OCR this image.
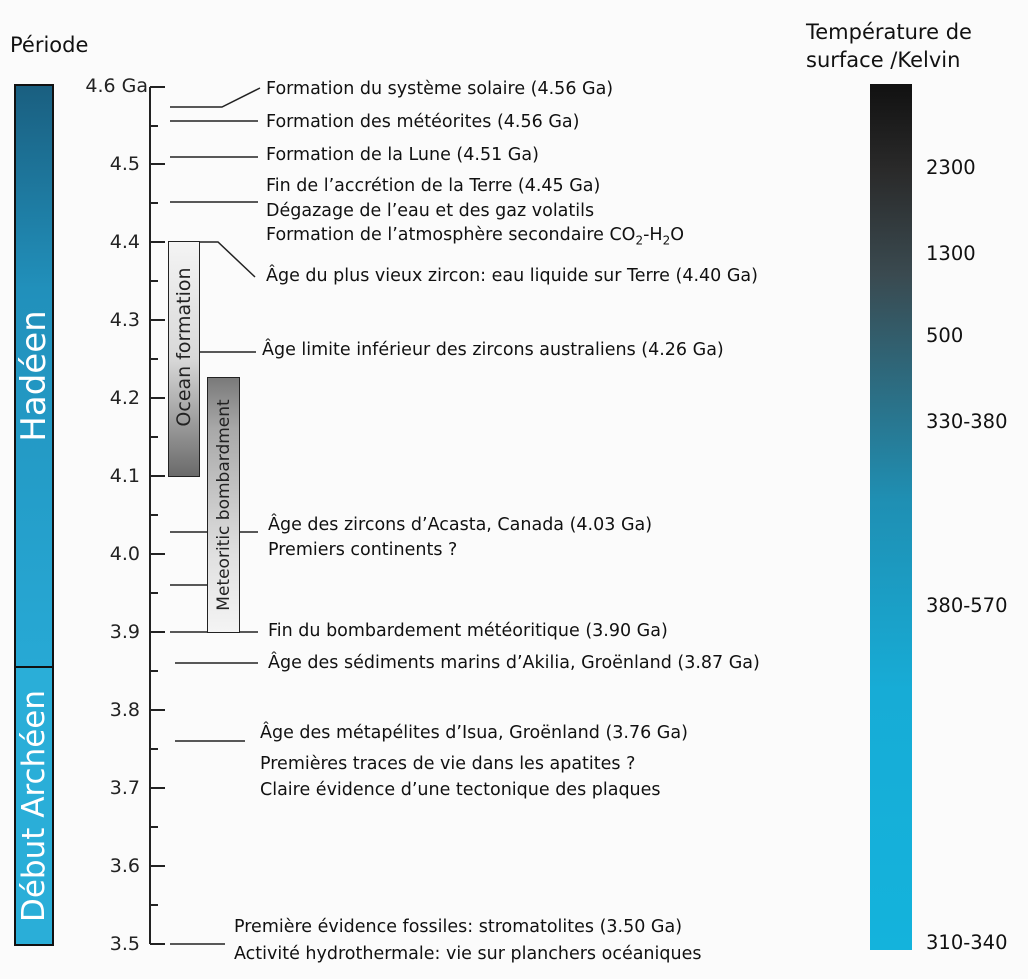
Période
Température de
surface /Kelvin
Hadéen
Début Archéen
4.6 Ga
4.5
4.4
4.3
4.2
4.1
4.0
3.9
3.8
3.7
3.6
3.5
Ocean formation
Meteoritic bombardment
Formation du système solaire (4.56 Ga)
Formation des météorites (4.56 Ga)
Formation de la Lune (4.51 Ga)
Fin de l’accrétion de la Terre (4.45 Ga)
Dégazage de l’eau et des gaz volatils
Formation de l’atmosphère secondaire $CO_2-H_2O$
Âge du plus vieux zircon: eau liquide sur Terre (4.40 Ga)
Âge limite inférieur des zircons australiens (4.26 Ga)
Âge des zircons d’Acasta, Canada (4.03 Ga)
Premiers continents ?
Fin du bombardement météoritique (3.90 Ga)
Âge des sédiments marins d’Akilia, Groënland (3.87 Ga)
Âge des métapélites d’Isua, Groënland (3.76 Ga)
Premières traces de vie dans les apatites ?
Claire évidence d’une tectonique des plaques
Première évidence fossiles: stromatolites (3.50 Ga)
Activité hydrothermale: vie sur planchers océaniques
2300
1300
500
330-380
380-570
310-340
